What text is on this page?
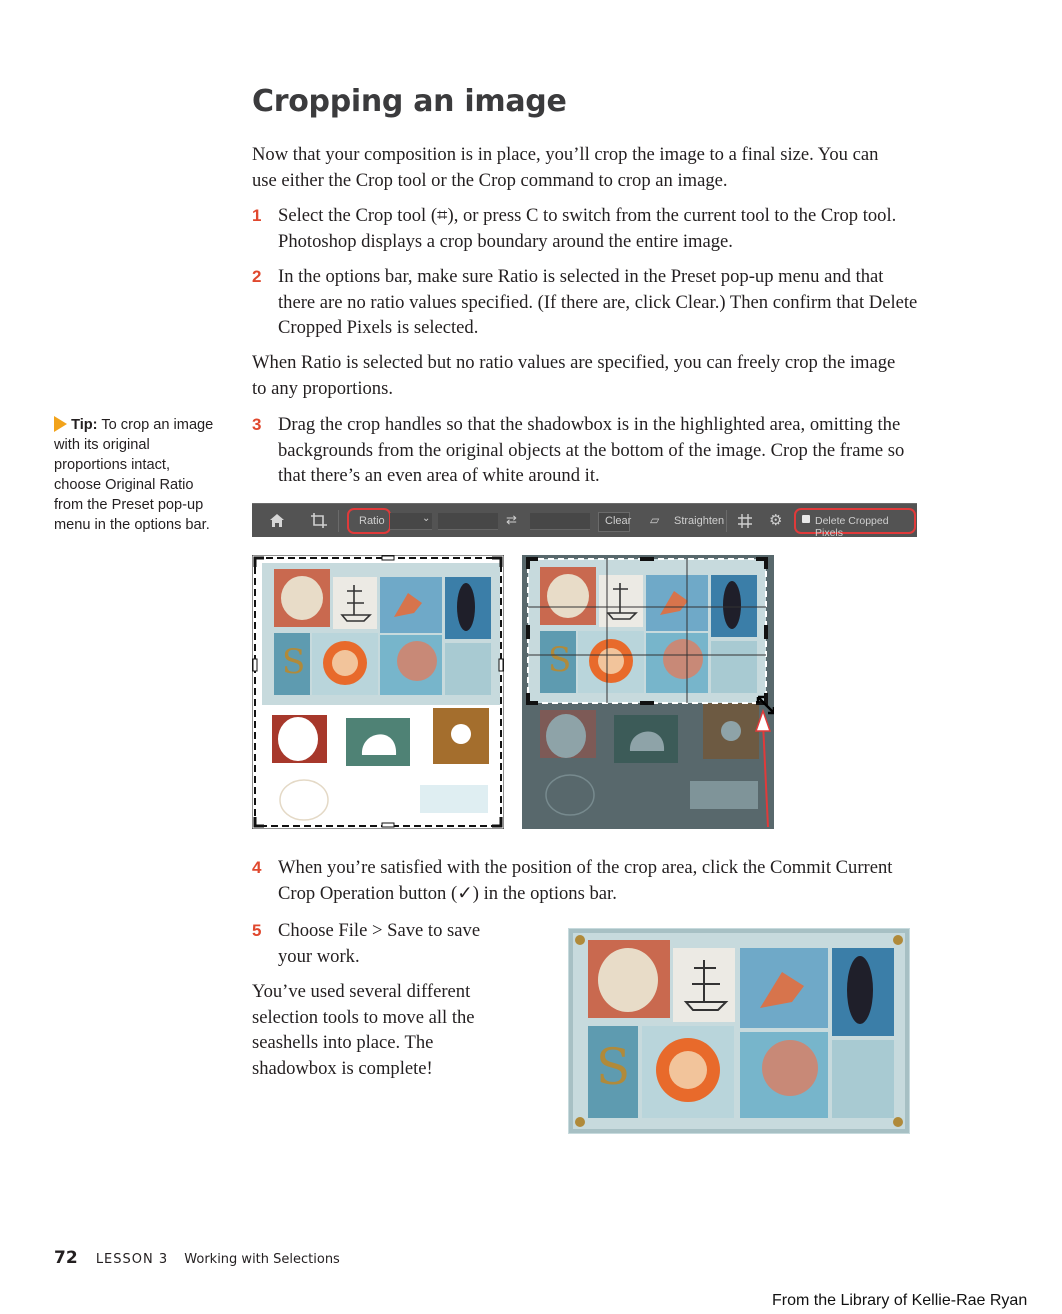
Cropping an image
Now that your composition is in place, you’ll crop the image to a final size. You can use either the Crop tool or the Crop command to crop an image.
1 Select the Crop tool (⌗), or press C to switch from the current tool to the Crop tool. Photoshop displays a crop boundary around the entire image.
2 In the options bar, make sure Ratio is selected in the Preset pop-up menu and that there are no ratio values specified. (If there are, click Clear.) Then confirm that Delete Cropped Pixels is selected.
When Ratio is selected but no ratio values are specified, you can freely crop the image to any proportions.
Tip: To crop an image with its original proportions intact, choose Original Ratio from the Preset pop-up menu in the options bar.
3 Drag the crop handles so that the shadowbox is in the highlighted area, omitting the backgrounds from the original objects at the bottom of the image. Crop the frame so that there’s an even area of white around it.
Ratio	⌄	⇄	Clear ⏥ Straighten	⚙	Delete Cropped Pixels
S	S
4 When you’re satisfied with the position of the crop area, click the Commit Current Crop Operation button (✓) in the options bar.
5 Choose File > Save to save your work.
You’ve used several different selection tools to move all the seashells into place. The shadowbox is complete!	S
72 LESSON 3 Working with Selections
From the Library of Kellie-Rae Ryan
